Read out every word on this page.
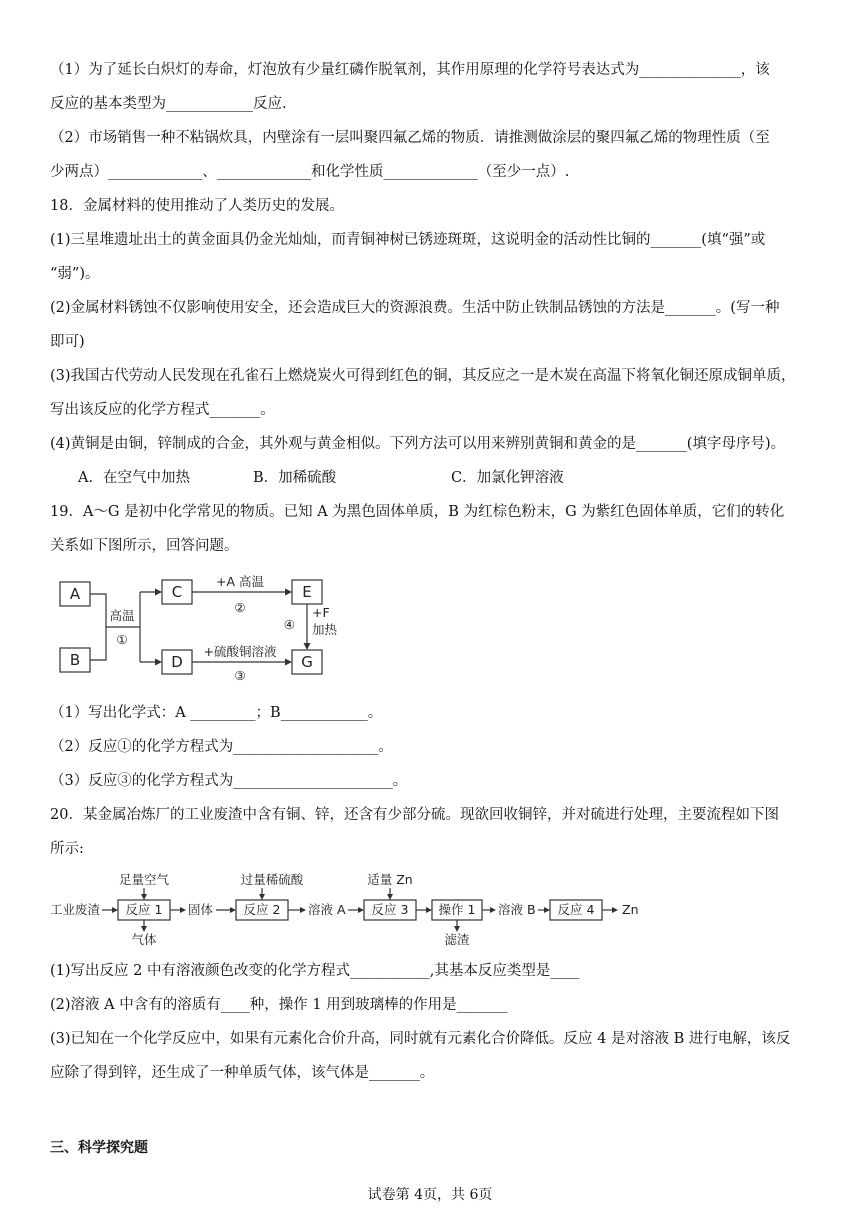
（1）为了延长白炽灯的寿命，灯泡放有少量红磷作脱氧剂，其作用原理的化学符号表达式为______________，该
反应的基本类型为____________反应.
（2）市场销售一种不粘锅炊具，内壁涂有一层叫聚四氟乙烯的物质．请推测做涂层的聚四氟乙烯的物理性质（至
少两点）_____________、_____________和化学性质_____________（至少一点）.
18．金属材料的使用推动了人类历史的发展。
(1)三星堆遗址出土的黄金面具仍金光灿灿，而青铜神树已锈迹斑斑，这说明金的活动性比铜的_______(填“强”或
“弱”)。
(2)金属材料锈蚀不仅影响使用安全，还会造成巨大的资源浪费。生活中防止铁制品锈蚀的方法是_______。(写一种
即可)
(3)我国古代劳动人民发现在孔雀石上燃烧炭火可得到红色的铜，其反应之一是木炭在高温下将氧化铜还原成铜单质，
写出该反应的化学方程式_______。
(4)黄铜是由铜，锌制成的合金，其外观与黄金相似。下列方法可以用来辨别黄铜和黄金的是_______(填字母序号)。
A．在空气中加热	B．加稀硫酸	C．加氯化钾溶液
19．A～G 是初中化学常见的物质。已知 A 为黑色固体单质，B 为红棕色粉末，G 为紫红色固体单质，它们的转化
关系如下图所示，回答问题。
A
B
C
D
E
G
高温
①
+A 高温
②
+硫酸铜溶液
③
④
+F
加热
（1）写出化学式：A _________；B____________。
（2）反应①的化学方程式为____________________。
（3）反应③的化学方程式为______________________。
20．某金属冶炼厂的工业废渣中含有铜、锌，还含有少部分硫。现欲回收铜锌，并对硫进行处理，主要流程如下图
所示:
工业废渣 反应 1
足量空气
气体
固体 反应 2
过量稀硫酸
溶液 A 反应 3
适量 Zn
操作 1
滤渣
溶液 B 反应 4 Zn
(1)写出反应 2 中有溶液颜色改变的化学方程式___________,其基本反应类型是____
(2)溶液 A 中含有的溶质有____种，操作 1 用到玻璃棒的作用是_______
(3)已知在一个化学反应中，如果有元素化合价升高，同时就有元素化合价降低。反应 4 是对溶液 B 进行电解，该反
应除了得到锌，还生成了一种单质气体，该气体是_______。
三、科学探究题
试卷第 4页，共 6页
